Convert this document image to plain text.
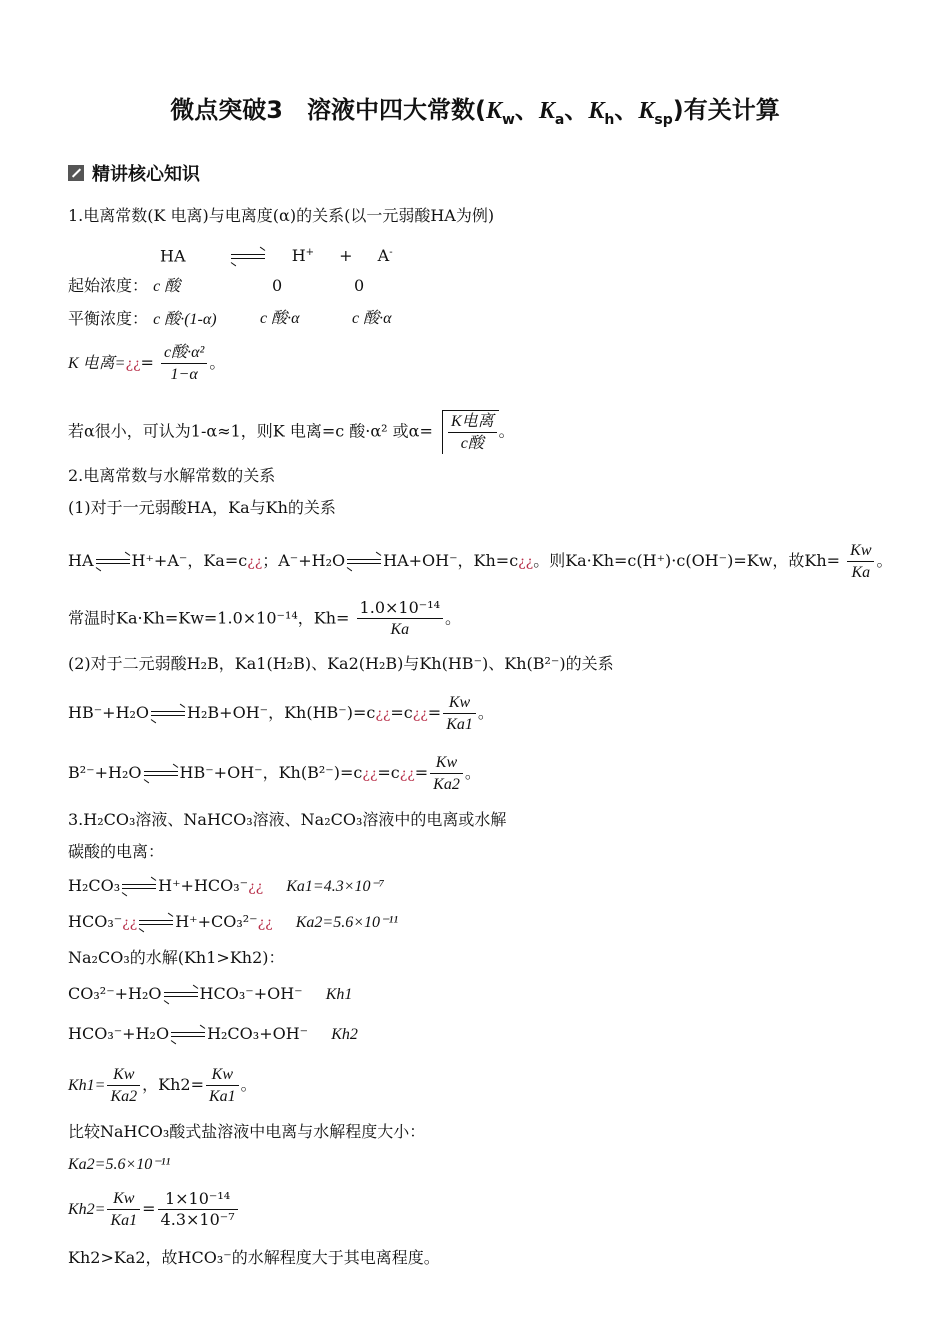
微点突破3　溶液中四大常数($K_w$、$K_a$、$K_h$、$K_{sp}$)有关计算
精讲核心知识
1.电离常数(K 电离)与电离度(α)的关系(以一元弱酸HA为例)
HA	H+ + A-
起始浓度： c 酸	0	0
平衡浓度： c 酸·(1-α)	c 酸·α	c 酸·α
K 电离=¿¿= $\frac{\text{c酸·α²}}{1-\alpha}$ 。
若α很小，可认为1-α≈1，则K 电离=c 酸·α² 或$\alpha= \frac{\text{K电离}}{\text{c酸}}$ 。
2.电离常数与水解常数的关系
(1)对于一元弱酸HA，Ka与Kh的关系
HA H⁺+A⁻，Ka=c¿¿；A⁻+H₂O HA+OH⁻，Kh=c¿¿。则Ka·Kh=c(H⁺)·c(OH⁻)=Kw，故$Kh= \frac{Kw}{Ka}$ 。
常温时Ka·Kh=Kw=1.0×10⁻¹⁴，$Kh= \frac{\text{1.0×10⁻¹⁴}}{Ka}$ 。
(2)对于二元弱酸H₂B，Ka1(H₂B)、Ka2(H₂B)与Kh(HB⁻)、Kh(B²⁻)的关系
HB⁻+H₂O H₂B+OH⁻，Kh(HB⁻)=c¿¿=c¿¿= $\frac{Kw}{Ka1}$ 。
B²⁻+H₂O HB⁻+OH⁻，Kh(B²⁻)=c¿¿=c¿¿= $\frac{Kw}{Ka2}$ 。
3.H₂CO₃溶液、NaHCO₃溶液、Na₂CO₃溶液中的电离或水解
碳酸的电离：
H₂CO₃ H⁺+HCO₃⁻¿¿ Ka1=4.3×10⁻⁷
HCO₃⁻¿¿ H⁺+CO₃²⁻¿¿ Ka2=5.6×10⁻¹¹
Na₂CO₃的水解(Kh1>Kh2)：
CO₃²⁻+H₂O HCO₃⁻+OH⁻ Kh1
HCO₃⁻+H₂O H₂CO₃+OH⁻ Kh2
$Kh1= \frac{Kw}{Ka2}$ ，$Kh2= \frac{Kw}{Ka1}$ 。
比较NaHCO₃酸式盐溶液中电离与水解程度大小：
Ka2=5.6×10⁻¹¹
$Kh2= \frac{Kw}{Ka1} = \frac{\text{1×10⁻¹⁴}}{\text{4.3×10⁻⁷}}$
Kh2>Ka2，故HCO₃⁻的水解程度大于其电离程度。
